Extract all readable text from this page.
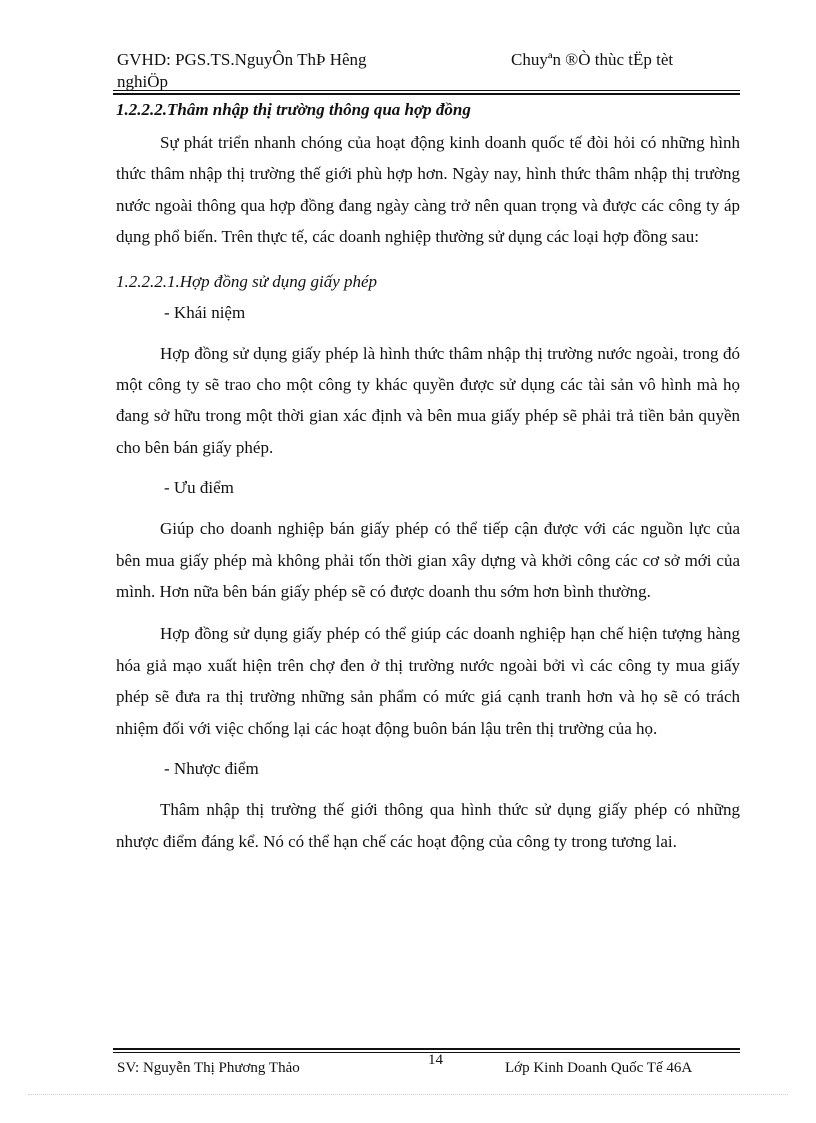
GVHD: PGS.TS.NguyÔn ThÞ Hêng nghiÖp
Chuyªn ®Ò thùc tËp tèt

1.2.2.2.Thâm nhập thị trường thông qua hợp đồng

Sự phát triển nhanh chóng của hoạt động kinh doanh quốc tế đòi hỏi có những hình thức thâm nhập thị trường thế giới phù hợp hơn. Ngày nay, hình thức thâm nhập thị trường nước ngoài thông qua hợp đồng đang ngày càng trở nên quan trọng và được các công ty áp dụng phổ biến. Trên thực tế, các doanh nghiệp thường sử dụng các loại hợp đồng sau:

1.2.2.2.1.Hợp đồng sử dụng giấy phép

- Khái niệm

Hợp đồng sử dụng giấy phép là hình thức thâm nhập thị trường nước ngoài, trong đó một công ty sẽ trao cho một công ty khác quyền được sử dụng các tài sản vô hình mà họ đang sở hữu trong một thời gian xác định và bên mua giấy phép sẽ phải trả tiền bản quyền cho bên bán giấy phép.

- Ưu điểm

Giúp cho doanh nghiệp bán giấy phép có thể tiếp cận được với các nguồn lực của bên mua giấy phép mà không phải tốn thời gian xây dựng và khởi công các cơ sở mới của mình. Hơn nữa bên bán giấy phép sẽ có được doanh thu sớm hơn bình thường.

Hợp đồng sử dụng giấy phép có thể giúp các doanh nghiệp hạn chế hiện tượng hàng hóa giả mạo xuất hiện trên chợ đen ở thị trường nước ngoài bởi vì các công ty mua giấy phép sẽ đưa ra thị trường những sản phẩm có mức giá cạnh tranh hơn và họ sẽ có trách nhiệm đối với việc chống lại các hoạt động buôn bán lậu trên thị trường của họ.

- Nhược điểm

Thâm nhập thị trường thế giới thông qua hình thức sử dụng giấy phép có những nhược điểm đáng kể. Nó có thể hạn chế các hoạt động của công ty trong tương lai.

SV: Nguyễn Thị Phương Thảo	14	Lớp Kinh Doanh Quốc Tế 46A
